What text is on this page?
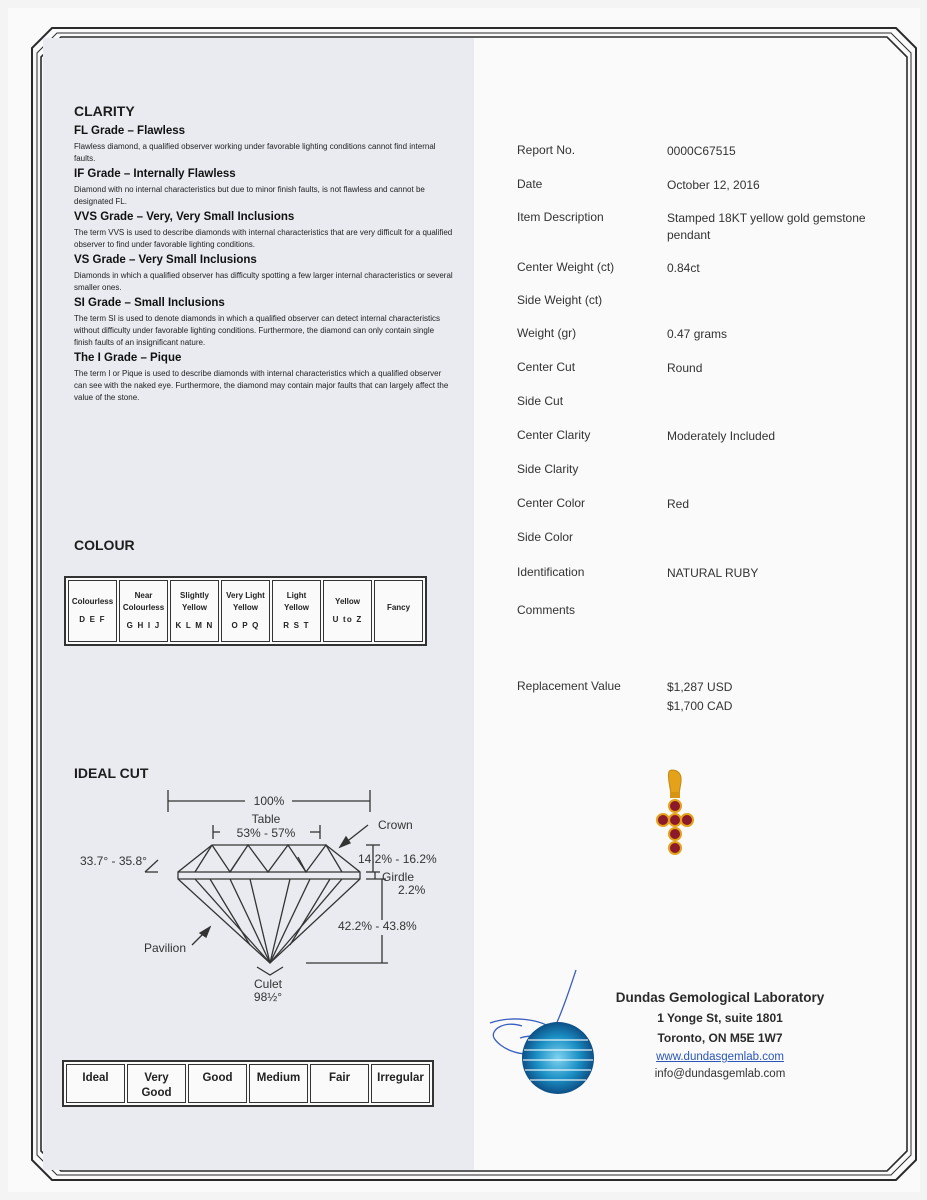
CLARITY

FL Grade – Flawless

Flawless diamond, a qualified observer working under favorable lighting conditions cannot find internal faults.

IF Grade – Internally Flawless

Diamond with no internal characteristics but due to minor finish faults, is not flawless and cannot be designated FL.

VVS Grade – Very, Very Small Inclusions

The term VVS is used to describe diamonds with internal characteristics that are very difficult for a qualified observer to find under favorable lighting conditions.

VS Grade – Very Small Inclusions

Diamonds in which a qualified observer has difficulty spotting a few larger internal characteristics or several smaller ones.

SI Grade – Small Inclusions

The term SI is used to denote diamonds in which a qualified observer can detect internal characteristics without difficulty under favorable lighting conditions. Furthermore, the diamond can only contain single finish faults of an insignificant nature.

The I Grade – Pique

The term I or Pique is used to describe diamonds with internal characteristics which a qualified observer can see with the naked eye. Furthermore, the diamond may contain major faults that can largely affect the value of the stone.

COLOUR
Colourless
D E F
	Near Colourless
G H I J
	Slightly Yellow
K L M N
	Very Light Yellow
O P Q
	Light Yellow
R S T
	Yellow
U to Z
	Fancy
IDEAL CUT
100%
Table
53% - 57%
Crown
33.7° - 35.8°	14.2% - 16.2%
Girdle
2.2%
42.2% - 43.8%
Pavilion
Culet
98½°
Ideal	Very Good	Good	Medium	Fair	Irregular
Report No.	0000C67515
Date	October 12, 2016
Item Description	Stamped 18KT yellow gold gemstone pendant
Center Weight (ct)	0.84ct
Side Weight (ct)
Weight (gr)	0.47 grams
Center Cut	Round
Side Cut
Center Clarity	Moderately Included
Side Clarity
Center Color	Red
Side Color
Identification	NATURAL RUBY
Comments
Replacement Value	$1,287 USD
$1,700 CAD
Dundas Gemological Laboratory
1 Yonge St, suite 1801
Toronto, ON M5E 1W7
www.dundasgemlab.com
info@dundasgemlab.com
